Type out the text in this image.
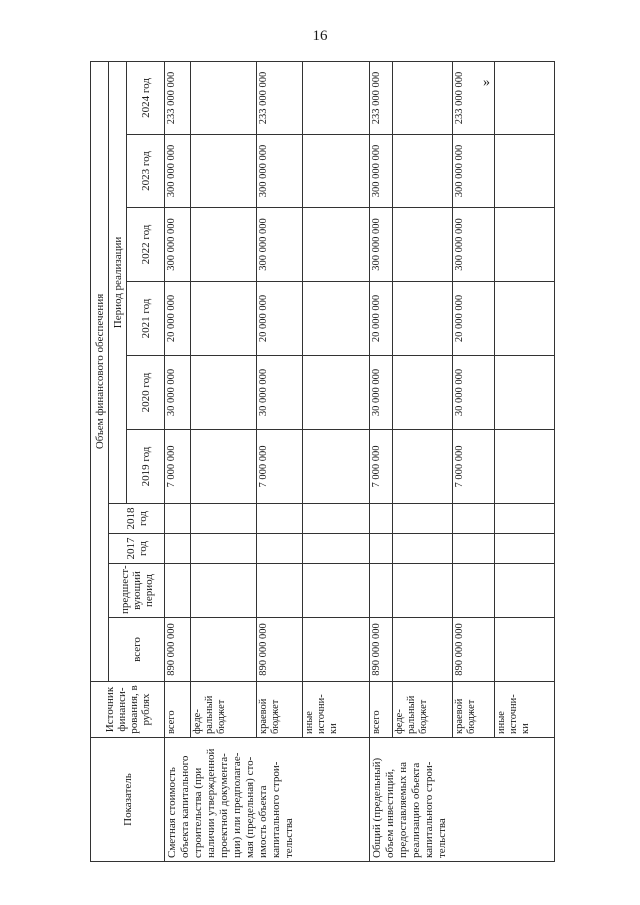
16
Показатель	Источник финанси-рования, в рублях	Объем финансового обеспечения									
		всего	предшест-вующий период	2017 год	2018 год	Период реализации					
						2019 год	2020 год	2021 год	2022 год	2023 год	2024 год
Сметная стоимость объекта капитального строительства (при наличии утвержденной проектной документа-ции) или предполагае-мая (предельная) сто-имость объекта капитального строи-тельства	всего	890 000 000				7 000 000	30 000 000	20 000 000	300 000 000	300 000 000	233 000 000
	феде-ральный бюджет										
	краевой бюджет	890 000 000				7 000 000	30 000 000	20 000 000	300 000 000	300 000 000	233 000 000
	иные источни-ки										
Общий (предельный) объем инвестиций, предоставляемых на реализацию объекта капитального строи-тельства	всего	890 000 000				7 000 000	30 000 000	20 000 000	300 000 000	300 000 000	233 000 000
	феде-ральный бюджет										
	краевой бюджет	890 000 000				7 000 000	30 000 000	20 000 000	300 000 000	300 000 000	233 000 000
	иные источни-ки										
»
